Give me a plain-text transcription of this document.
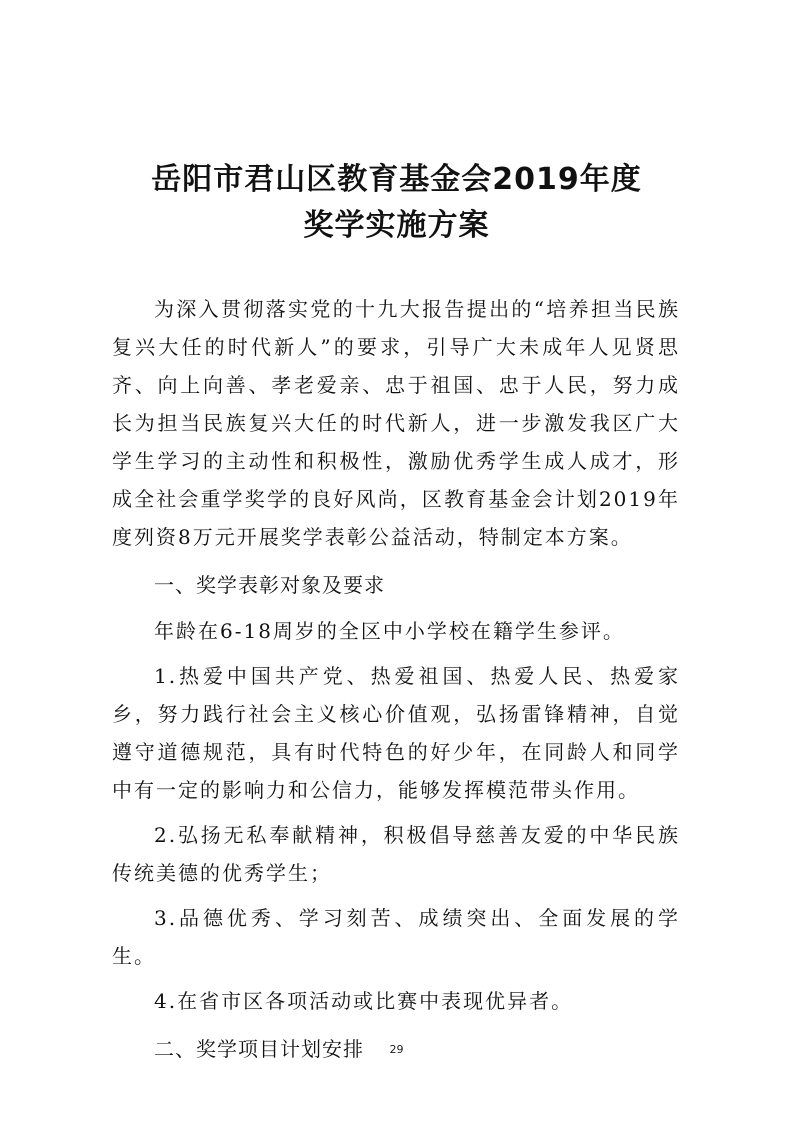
岳阳市君山区教育基金会2019年度
奖学实施方案

为深入贯彻落实党的十九大报告提出的“培养担当民族复兴大任的时代新人”的要求，引导广大未成年人见贤思齐、向上向善、孝老爱亲、忠于祖国、忠于人民，努力成长为担当民族复兴大任的时代新人，进一步激发我区广大学生学习的主动性和积极性，激励优秀学生成人成才，形成全社会重学奖学的良好风尚，区教育基金会计划2019年度列资8万元开展奖学表彰公益活动，特制定本方案。

一、奖学表彰对象及要求

年龄在6-18周岁的全区中小学校在籍学生参评。

1.热爱中国共产党、热爱祖国、热爱人民、热爱家乡，努力践行社会主义核心价值观，弘扬雷锋精神，自觉遵守道德规范，具有时代特色的好少年，在同龄人和同学中有一定的影响力和公信力，能够发挥模范带头作用。

2.弘扬无私奉献精神，积极倡导慈善友爱的中华民族传统美德的优秀学生；

3.品德优秀、学习刻苦、成绩突出、全面发展的学生。

4.在省市区各项活动或比赛中表现优异者。

二、奖学项目计划安排	29
